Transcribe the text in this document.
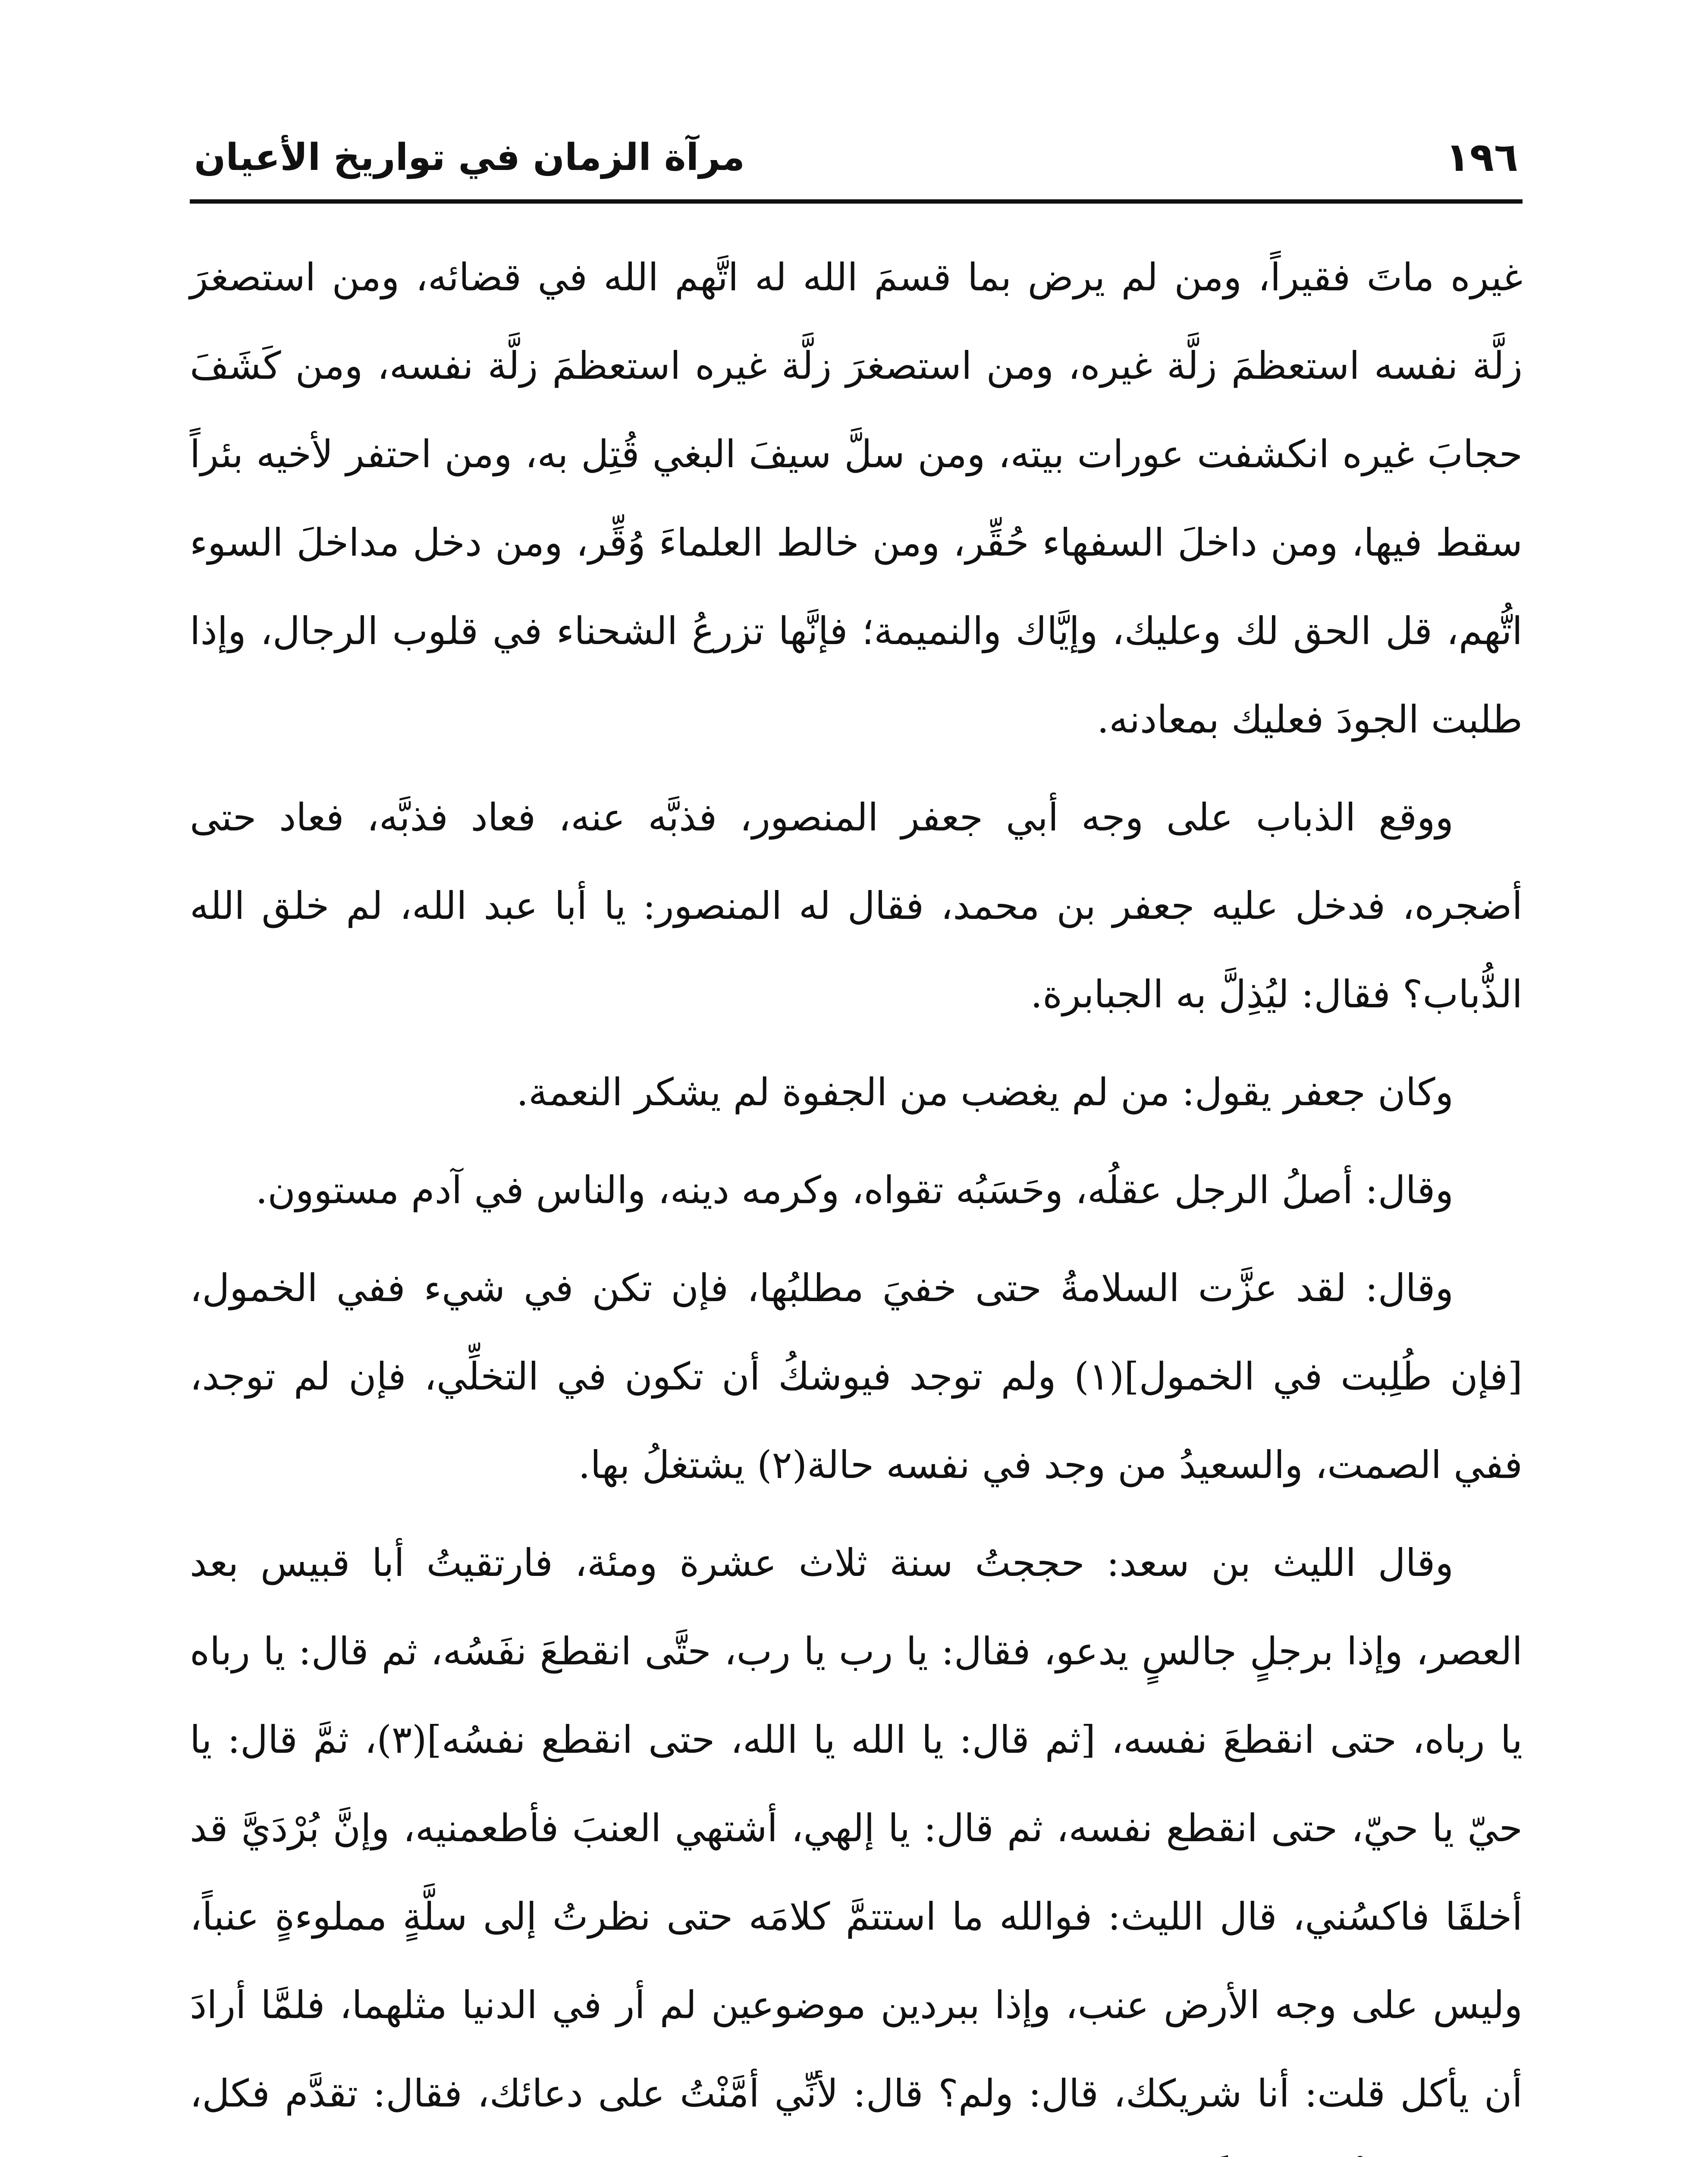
١٩٦
مرآة الزمان في تواريخ الأعيان

غيره ماتَ فقيراً، ومن لم يرض بما قسمَ الله له اتَّهم الله في قضائه، ومن استصغرَ زلَّة نفسه استعظمَ زلَّة غيره، ومن استصغرَ زلَّة غيره استعظمَ زلَّة نفسه، ومن كَشَفَ حجابَ غيره انكشفت عورات بيته، ومن سلَّ سيفَ البغي قُتِل به، ومن احتفر لأخيه بئراً سقط فيها، ومن داخلَ السفهاء حُقِّر، ومن خالط العلماءَ وُقِّر، ومن دخل مداخلَ السوء اتُّهم، قل الحق لك وعليك، وإيَّاك والنميمة؛ فإنَّها تزرعُ الشحناء في قلوب الرجال، وإذا طلبت الجودَ فعليك بمعادنه.

ووقع الذباب على وجه أبي جعفر المنصور، فذبَّه عنه، فعاد فذبَّه، فعاد حتى أضجره، فدخل عليه جعفر بن محمد، فقال له المنصور: يا أبا عبد الله، لم خلق الله الذُّباب؟ فقال: ليُذِلَّ به الجبابرة.

وكان جعفر يقول: من لم يغضب من الجفوة لم يشكر النعمة.

وقال: أصلُ الرجل عقلُه، وحَسَبُه تقواه، وكرمه دينه، والناس في آدم مستوون.

وقال: لقد عزَّت السلامةُ حتى خفيَ مطلبُها، فإن تكن في شيء ففي الخمول، [فإن طُلِبت في الخمول](١) ولم توجد فيوشكُ أن تكون في التخلِّي، فإن لم توجد، ففي الصمت، والسعيدُ من وجد في نفسه حالة(٢) يشتغلُ بها.

وقال الليث بن سعد: حججتُ سنة ثلاث عشرة ومئة، فارتقيتُ أبا قبيس بعد العصر، وإذا برجلٍ جالسٍ يدعو، فقال: يا رب يا رب، حتَّى انقطعَ نفَسُه، ثم قال: يا رباه يا رباه، حتى انقطعَ نفسه، [ثم قال: يا الله يا الله، حتى انقطع نفسُه](٣)، ثمَّ قال: يا حيّ يا حيّ، حتى انقطع نفسه، ثم قال: يا إلهي، أشتهي العنبَ فأطعمنيه، وإنَّ بُرْدَيَّ قد أخلقَا فاكسُني، قال الليث: فوالله ما استتمَّ كلامَه حتى نظرتُ إلى سلَّةٍ مملوءةٍ عنباً، وليس على وجه الأرض عنب، وإذا ببردين موضوعين لم أر في الدنيا مثلهما، فلمَّا أرادَ أن يأكل قلت: أنا شريكك، قال: ولم؟ قال: لأنِّي أمَّنْتُ على دعائك، فقال: تقدَّم فكل،
